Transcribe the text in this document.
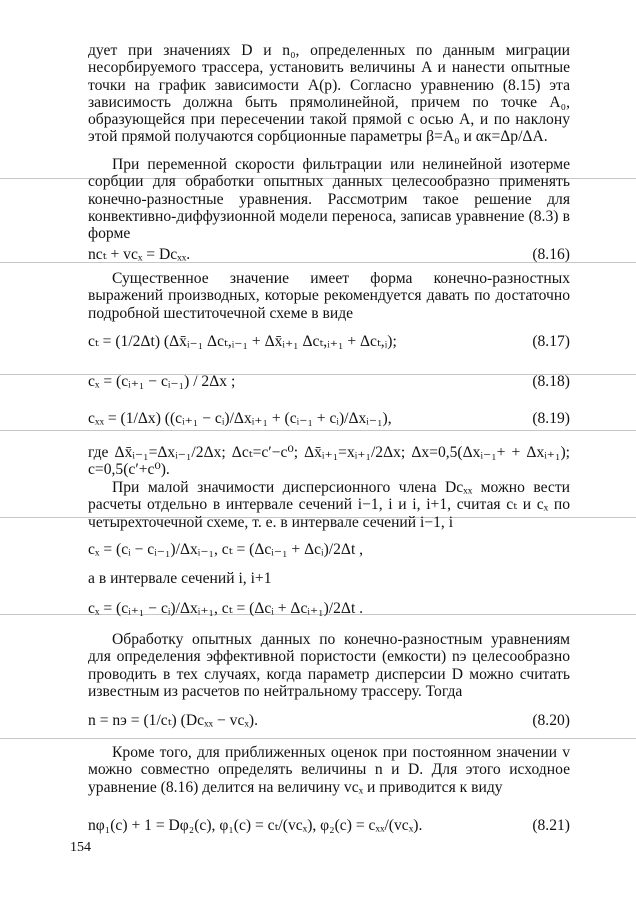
дует при значениях D и n₀, определенных по данным миграции несорбируемого трассера, установить величины A и нанести опытные точки на график зависимости A(p). Согласно уравнению (8.15) эта зависимость должна быть прямолинейной, причем по точке A₀, образующейся при пересечении такой прямой с осью A, и по наклону этой прямой получаются сорбционные параметры β=A₀ и αк=Δp/ΔA.

При переменной скорости фильтрации или нелинейной изотерме сорбции для обработки опытных данных целесообразно применять конечно-разностные уравнения. Рассмотрим такое решение для конвективно-диффузионной модели переноса, записав уравнение (8.3) в форме

ncₜ + vcₓ = Dcₓₓ.	(8.16)

Существенное значение имеет форма конечно-разностных выражений производных, которые рекомендуется давать по достаточно подробной шеститочечной схеме в виде

cₜ = (1/2Δt) (Δx̄ᵢ₋₁ Δcₜ,ᵢ₋₁ + Δx̄ᵢ₊₁ Δcₜ,ᵢ₊₁ + Δcₜ,ᵢ);	(8.17)
cₓ = (cᵢ₊₁ − cᵢ₋₁) / 2Δx ;	(8.18)
cₓₓ = (1/Δx) ((cᵢ₊₁ − cᵢ)/Δxᵢ₊₁ + (cᵢ₋₁ + cᵢ)/Δxᵢ₋₁),	(8.19)

где Δx̄ᵢ₋₁=Δxᵢ₋₁/2Δx; Δcₜ=c′−c⁰; Δx̄ᵢ₊₁=xᵢ₊₁/2Δx; Δx=0,5(Δxᵢ₋₁+ + Δxᵢ₊₁); c=0,5(c′+c⁰).

При малой значимости дисперсионного члена Dcₓₓ можно вести расчеты отдельно в интервале сечений i−1, i и i, i+1, считая cₜ и cₓ по четырехточечной схеме, т. е. в интервале сечений i−1, i

cₓ = (cᵢ − cᵢ₋₁)/Δxᵢ₋₁, cₜ = (Δcᵢ₋₁ + Δcᵢ)/2Δt ,

а в интервале сечений i, i+1

cₓ = (cᵢ₊₁ − cᵢ)/Δxᵢ₊₁, cₜ = (Δcᵢ + Δcᵢ₊₁)/2Δt .

Обработку опытных данных по конечно-разностным уравнениям для определения эффективной пористости (емкости) nэ целесообразно проводить в тех случаях, когда параметр дисперсии D можно считать известным из расчетов по нейтральному трассеру. Тогда

n = nэ = (1/cₜ) (Dcₓₓ − vcₓ).	(8.20)

Кроме того, для приближенных оценок при постоянном значении v можно совместно определять величины n и D. Для этого исходное уравнение (8.16) делится на величину vcₓ и приводится к виду

nφ₁(c) + 1 = Dφ₂(c), φ₁(c) = cₜ/(vcₓ), φ₂(c) = cₓₓ/(vcₓ).	(8.21)
154
